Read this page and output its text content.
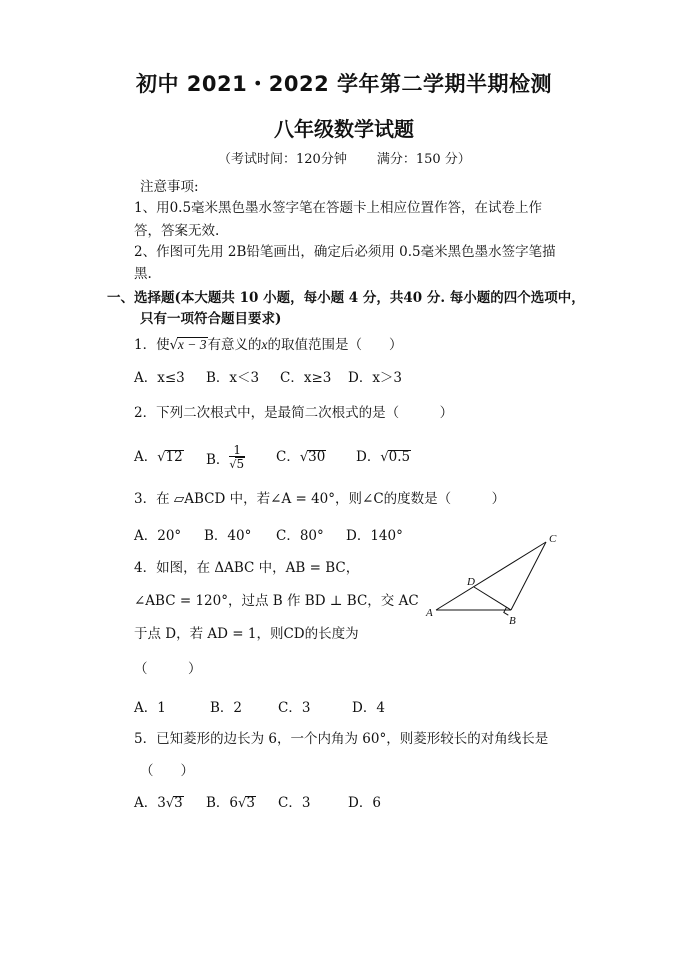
初中 2021・2022 学年第二学期半期检测
八年级数学试题
（考试时间：120分钟 满分：150 分）
注意事项:
1、用0.5毫米黑色墨水签字笔在答题卡上相应位置作答，在试卷上作
答，答案无效.
2、作图可先用 2B铅笔画出，确定后必须用 0.5毫米黑色墨水签字笔描
黑.
一、选择题(本大题共 10 小题，每小题 4 分，共40 分. 每小题的四个选项中，
只有一项符合题目要求)
1．使√x − 3有意义的x的取值范围是（　　）
A．x≤3 B．x＜3 C．x≥3 D．x＞3
2．下列二次根式中，是最简二次根式的是（　　　）
A．√12 B． $\frac{1}{√5}$ C．√30 D．√0.5
3．在 ▱ABCD 中，若∠A = 40°，则∠C的度数是（　　　）
A．20° B．40° C．80° D．140°
4．如图，在 ΔABC 中，AB = BC，
∠ABC = 120°，过点 B 作 BD ⊥ BC，交 AC
于点 D，若 AD = 1，则CD的长度为
（　　　）
A．1	B．2	C．3	D．4
A
B
C
D
5．已知菱形的边长为 6，一个内角为 60°，则菱形较长的对角线长是
（　　）
A．3√3 B．6√3 C．3	D．6
